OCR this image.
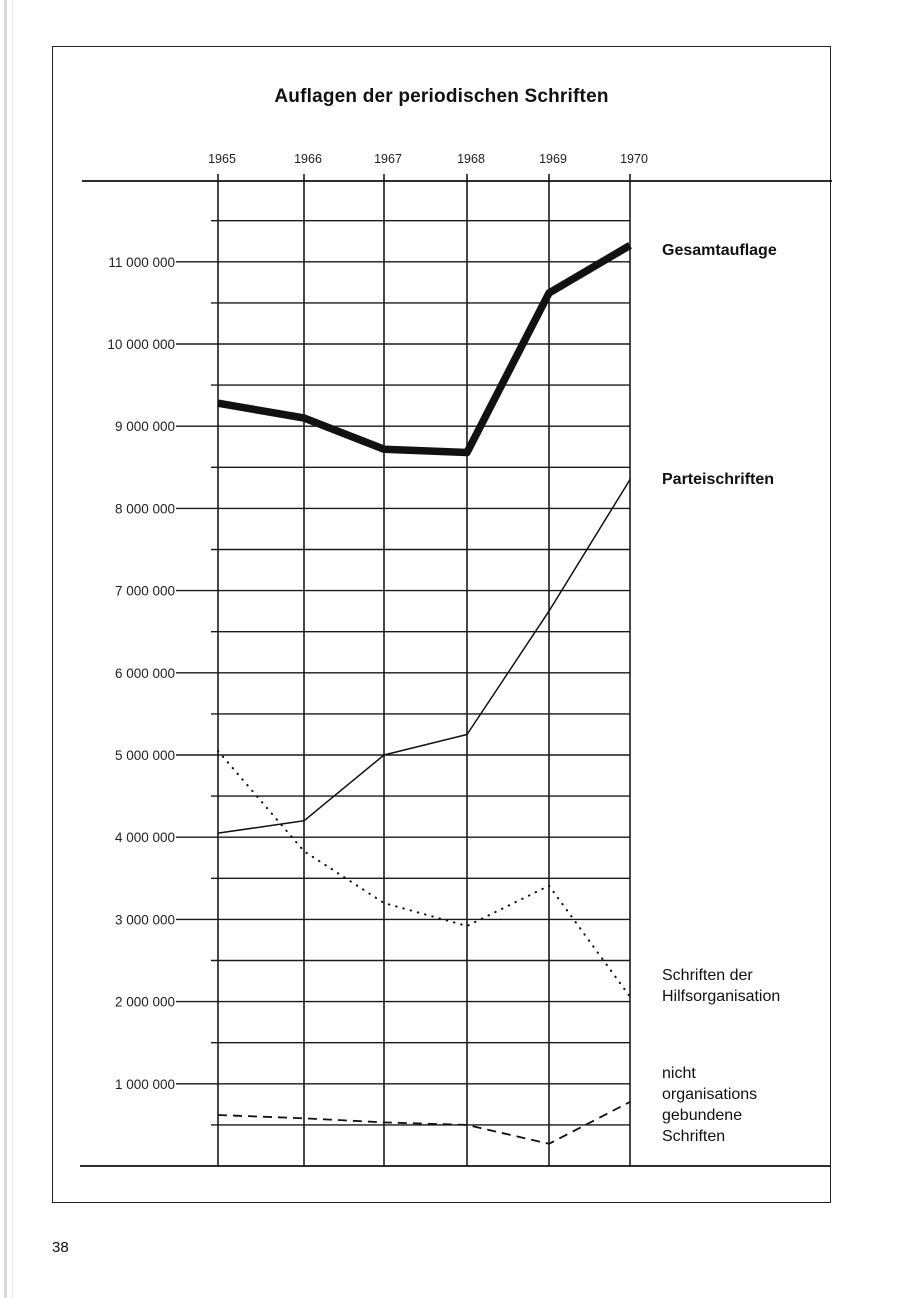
Auflagen der periodischen Schriften
1965	1966	1967	1968	1969	1970
1 000 000
2 000 000
3 000 000
4 000 000
5 000 000
6 000 000
7 000 000
8 000 000
9 000 000
10 000 000
11 000 000
Gesamtauflage
Parteischriften
Schriften der
Hilfsorganisation
nicht
organisations
gebundene
Schriften
38
